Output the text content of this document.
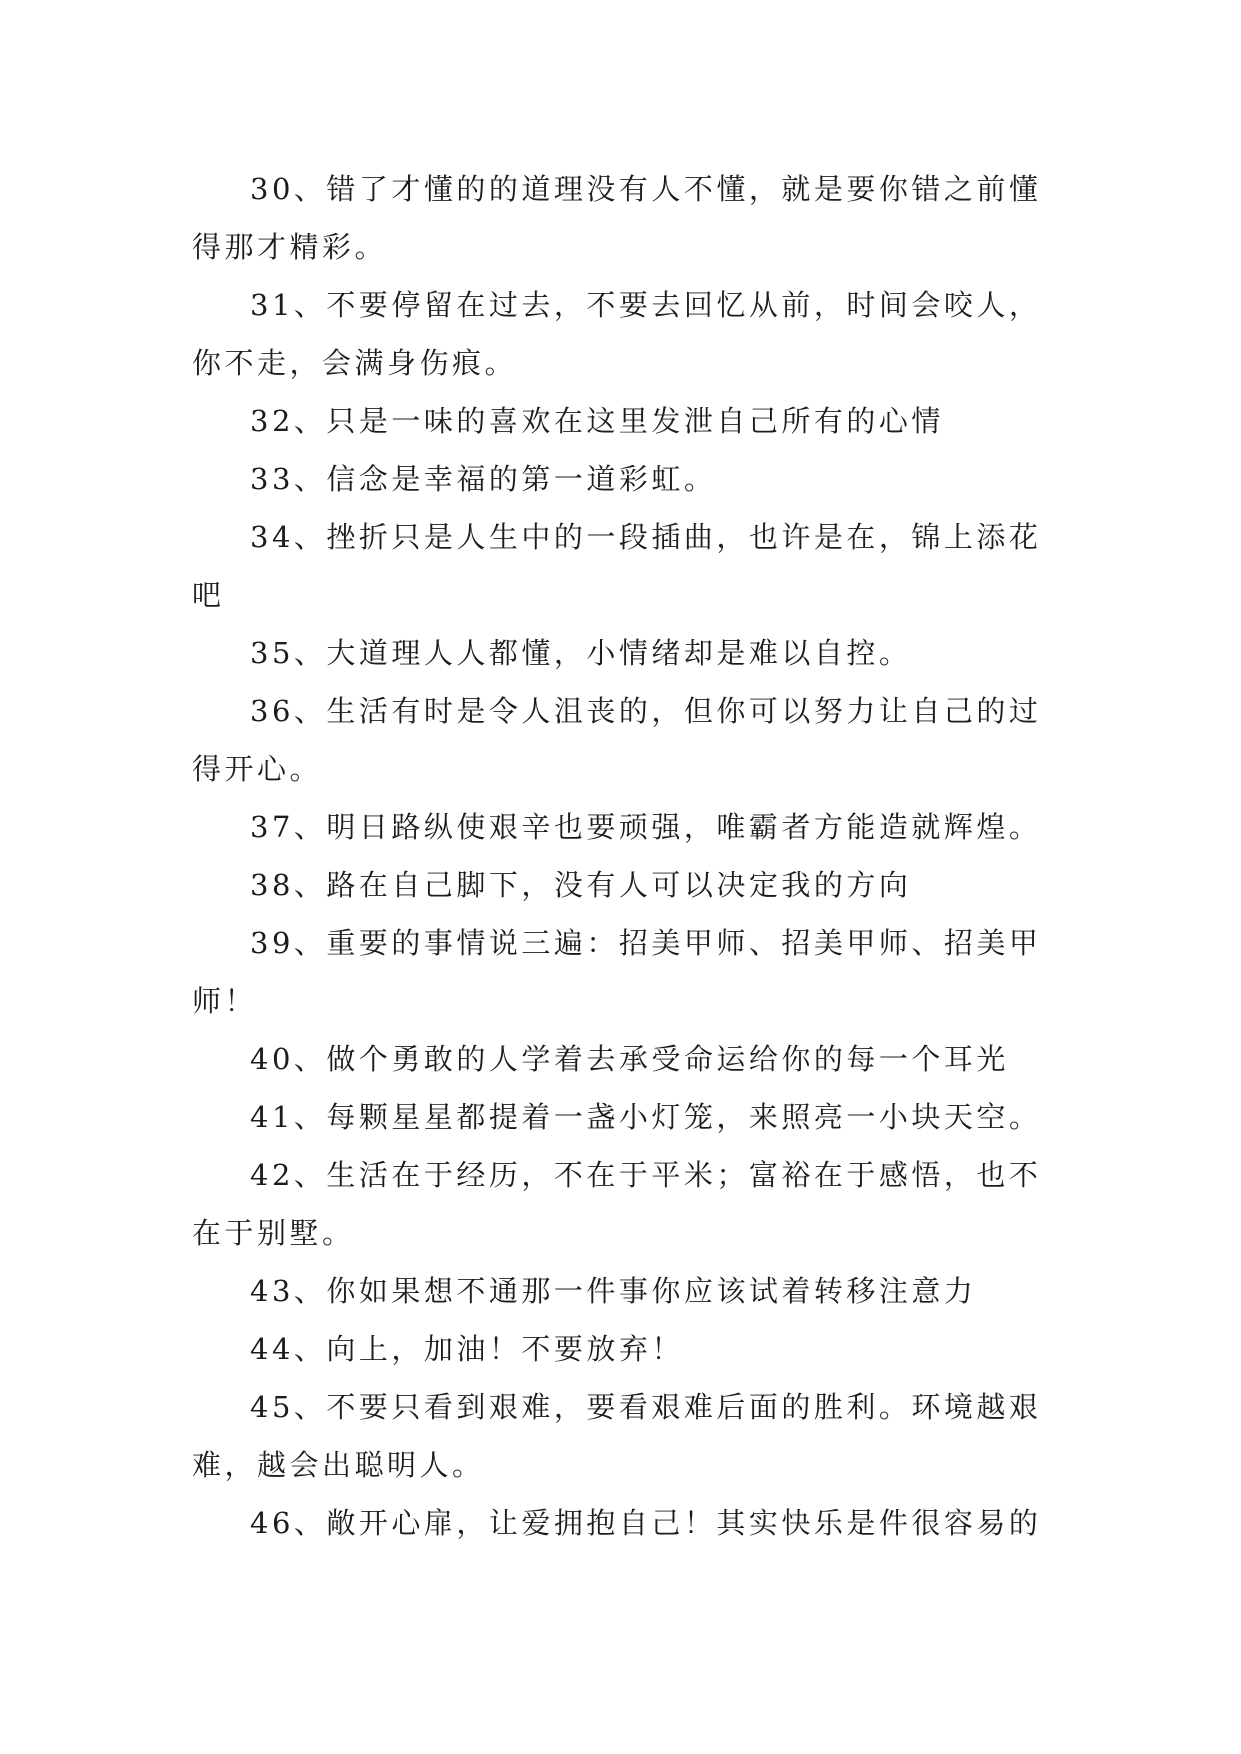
30、错了才懂的的道理没有人不懂，就是要你错之前懂得那才精彩。

31、不要停留在过去，不要去回忆从前，时间会咬人，你不走，会满身伤痕。

32、只是一味的喜欢在这里发泄自己所有的心情

33、信念是幸福的第一道彩虹。

34、挫折只是人生中的一段插曲，也许是在，锦上添花吧

35、大道理人人都懂，小情绪却是难以自控。

36、生活有时是令人沮丧的，但你可以努力让自己的过得开心。

37、明日路纵使艰辛也要顽强，唯霸者方能造就辉煌。

38、路在自己脚下，没有人可以决定我的方向

39、重要的事情说三遍：招美甲师、招美甲师、招美甲师！

40、做个勇敢的人学着去承受命运给你的每一个耳光

41、每颗星星都提着一盏小灯笼，来照亮一小块天空。

42、生活在于经历，不在于平米；富裕在于感悟，也不在于别墅。

43、你如果想不通那一件事你应该试着转移注意力

44、向上，加油！不要放弃！

45、不要只看到艰难，要看艰难后面的胜利。环境越艰难，越会出聪明人。

46、敞开心扉，让爱拥抱自己！其实快乐是件很容易的
